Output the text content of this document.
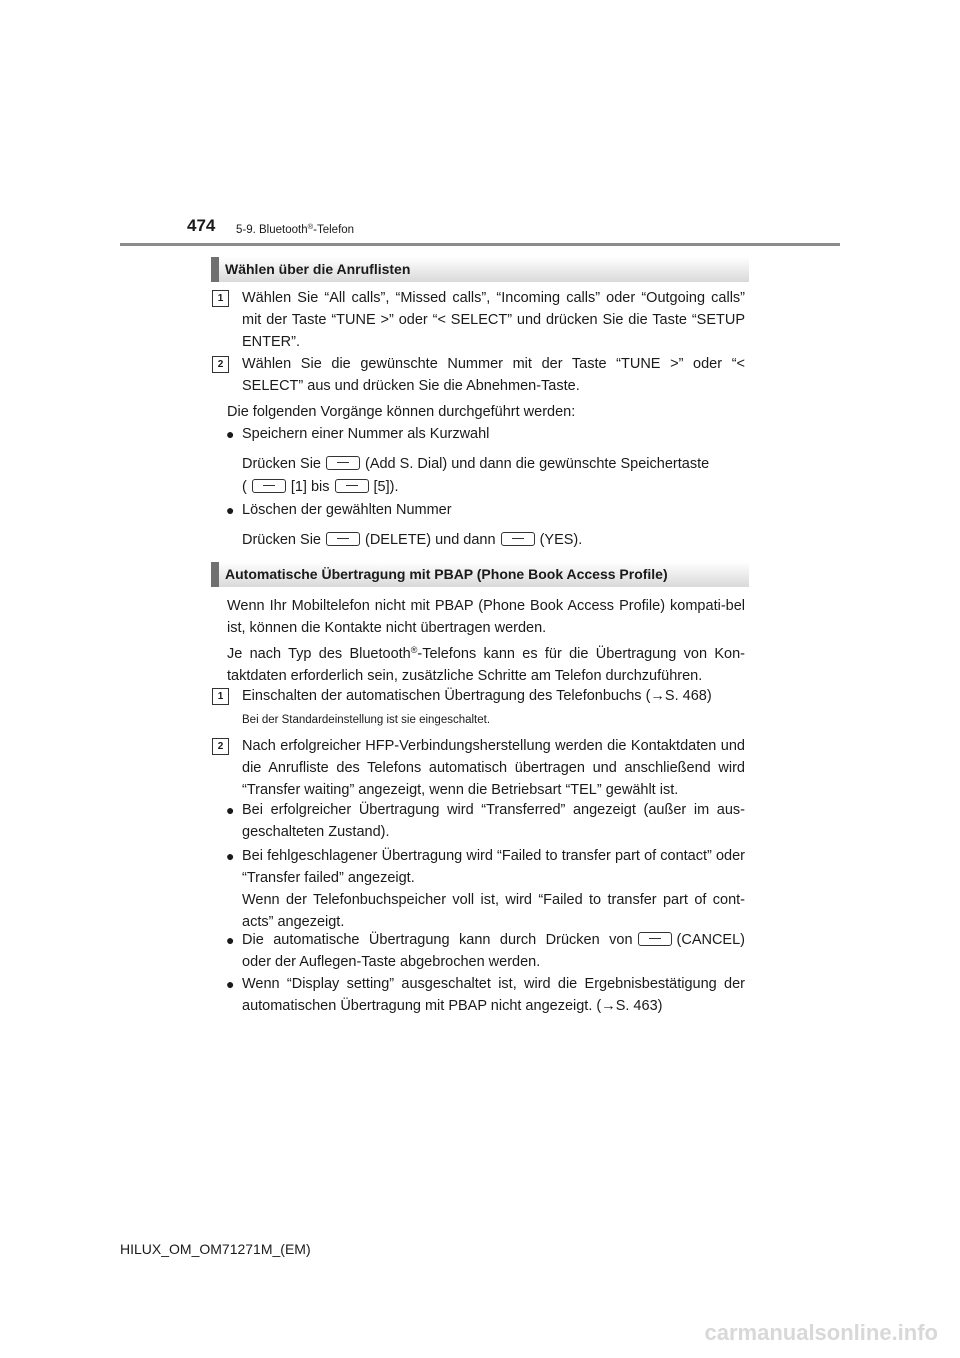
474 5-9. Bluetooth®-Telefon
Wählen über die Anruflisten
1	Wählen Sie “All calls”, “Missed calls”, “Incoming calls” oder “Outgoing calls” mit der Taste “TUNE >” oder “< SELECT” und drücken Sie die Taste “SETUP ENTER”.
2	Wählen Sie die gewünschte Nummer mit der Taste “TUNE >” oder “< SELECT” aus und drücken Sie die Abnehmen-Taste.
Die folgenden Vorgänge können durchgeführt werden:
● Speichern einer Nummer als Kurzwahl
Drücken Sie	(Add S. Dial) und dann die gewünschte Speichertaste
(	[1] bis	[5]).
● Löschen der gewählten Nummer
Drücken Sie	(DELETE) und dann	(YES).
Automatische Übertragung mit PBAP (Phone Book Access Profile)
Wenn Ihr Mobiltelefon nicht mit PBAP (Phone Book Access Profile) kompati-bel ist, können die Kontakte nicht übertragen werden.
Je nach Typ des Bluetooth®-Telefons kann es für die Übertragung von Kon-taktdaten erforderlich sein, zusätzliche Schritte am Telefon durchzuführen.
1	Einschalten der automatischen Übertragung des Telefonbuchs (→S. 468)
Bei der Standardeinstellung ist sie eingeschaltet.
2	Nach erfolgreicher HFP-Verbindungsherstellung werden die Kontaktdaten und die Anrufliste des Telefons automatisch übertragen und anschließend wird “Transfer waiting” angezeigt, wenn die Betriebsart “TEL” gewählt ist.
● Bei erfolgreicher Übertragung wird “Transferred” angezeigt (außer im aus-geschalteten Zustand).
● Bei fehlgeschlagener Übertragung wird “Failed to transfer part of contact” oder “Transfer failed” angezeigt.
Wenn der Telefonbuchspeicher voll ist, wird “Failed to transfer part of cont-acts” angezeigt.
● Die automatische Übertragung kann durch Drücken von	(CANCEL) oder der Auflegen-Taste abgebrochen werden.
● Wenn “Display setting” ausgeschaltet ist, wird die Ergebnisbestätigung der automatischen Übertragung mit PBAP nicht angezeigt. (→S. 463)
HILUX_OM_OM71271M_(EM)
carmanualsonline.info
